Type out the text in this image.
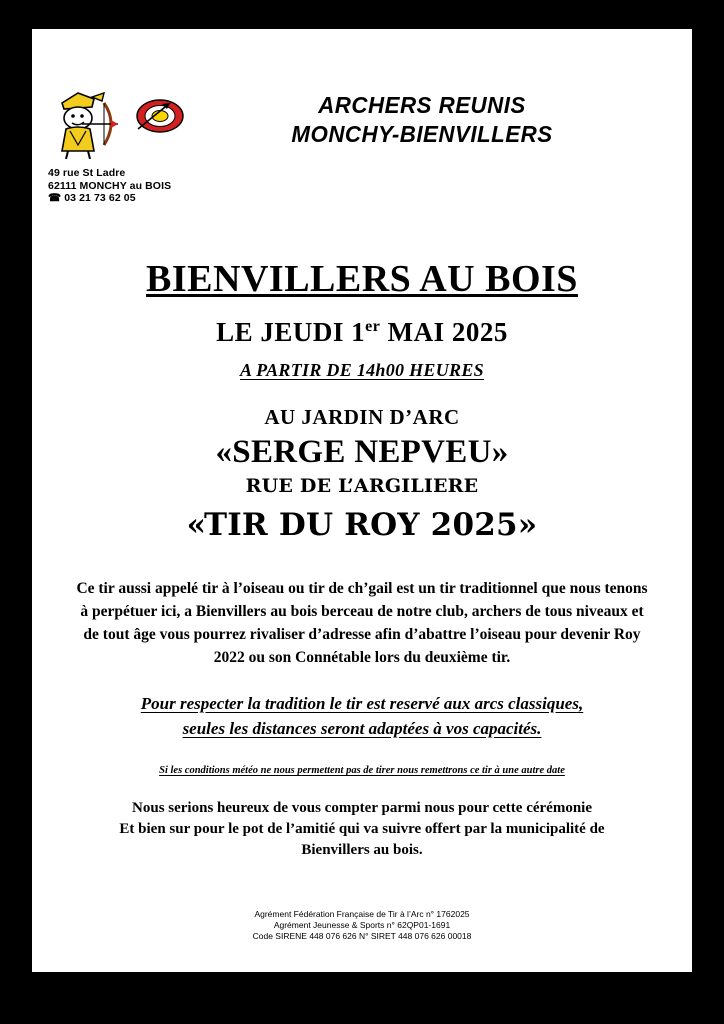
ARCHERS REUNIS
MONCHY-BIENVILLERS
49 rue St Ladre
62111 MONCHY au BOIS
☎ 03 21 73 62 05
BIENVILLERS AU BOIS
LE JEUDI 1er MAI 2025
A PARTIR DE 14h00 HEURES
AU JARDIN D’ARC
«SERGE NEPVEU»
RUE DE L’ARGILIERE
«TIR DU ROY 2025»
Ce tir aussi appelé tir à l’oiseau ou tir de ch’gail est un tir traditionnel que nous tenons à perpétuer ici, a Bienvillers au bois berceau de notre club, archers de tous niveaux et de tout âge vous pourrez rivaliser d’adresse afin d’abattre l’oiseau pour devenir Roy 2022 ou son Connétable lors du deuxième tir.
Pour respecter la tradition le tir est reservé aux arcs classiques,
seules les distances seront adaptées à vos capacités.
Si les conditions météo ne nous permettent pas de tirer nous remettrons ce tir à une autre date
Nous serions heureux de vous compter parmi nous pour cette cérémonie
Et bien sur pour le pot de l’amitié qui va suivre offert par la municipalité de
Bienvillers au bois.
Agrément Fédération Française de Tir à l’Arc n° 1762025
Agrément Jeunesse & Sports n° 62QP01-1691
Code SIRENE 448 076 626 N° SIRET 448 076 626 00018
